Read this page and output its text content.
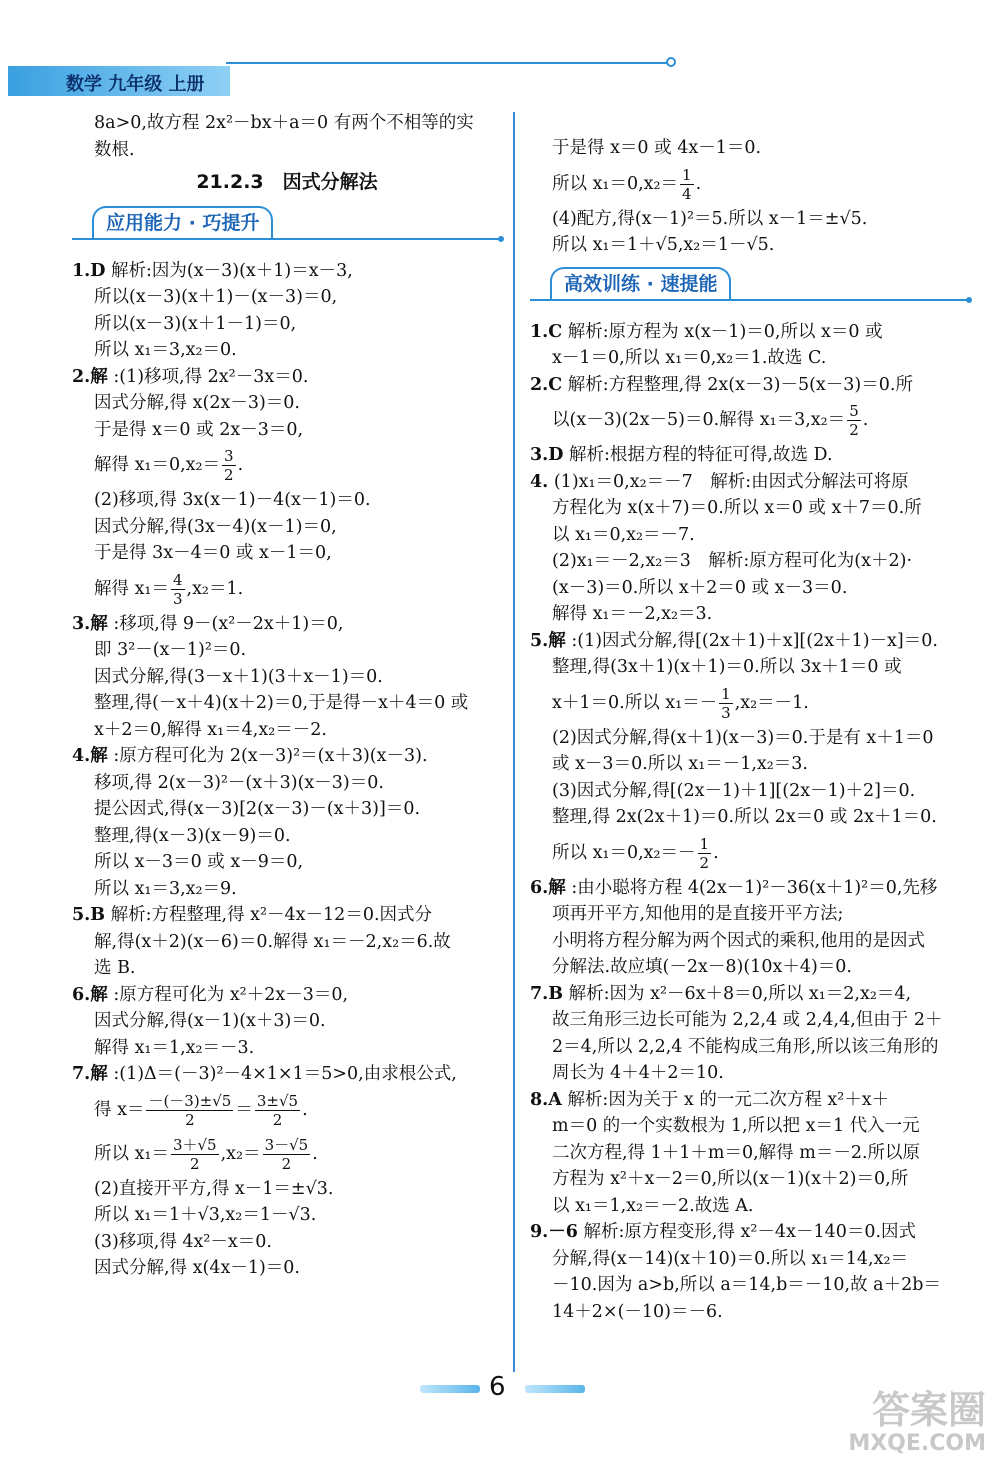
数学 九年级 上册
8a>0,故方程 2x²－bx＋a＝0 有两个不相等的实
数根.
21.2.3　因式分解法
应用能力 · 巧提升
1.D 解析:因为(x－3)(x＋1)＝x－3,
所以(x－3)(x＋1)－(x－3)＝0,
所以(x－3)(x＋1－1)＝0,
所以 x₁＝3,x₂＝0.
2.解 :(1)移项,得 2x²－3x＝0.
因式分解,得 x(2x－3)＝0.
于是得 x＝0 或 2x－3＝0,
解得 $x_1=0,x_2= \frac{3}{2}$ .
(2)移项,得 3x(x－1)－4(x－1)＝0.
因式分解,得(3x－4)(x－1)＝0,
于是得 3x－4＝0 或 x－1＝0,
解得 $x_1= \frac{4}{3} ,x_2=1$.
3.解 :移项,得 9－(x²－2x＋1)＝0,
即 3²－(x－1)²＝0.
因式分解,得(3－x＋1)(3＋x－1)＝0.
整理,得(－x＋4)(x＋2)＝0,于是得－x＋4＝0 或
x＋2＝0,解得 x₁＝4,x₂＝－2.
4.解 :原方程可化为 2(x－3)²＝(x＋3)(x－3).
移项,得 2(x－3)²－(x＋3)(x－3)＝0.
提公因式,得(x－3)[2(x－3)－(x＋3)]＝0.
整理,得(x－3)(x－9)＝0.
所以 x－3＝0 或 x－9＝0,
所以 x₁＝3,x₂＝9.
5.B 解析:方程整理,得 x²－4x－12＝0.因式分
解,得(x＋2)(x－6)＝0.解得 x₁＝－2,x₂＝6.故
选 B.
6.解 :原方程可化为 x²＋2x－3＝0,
因式分解,得(x－1)(x＋3)＝0.
解得 x₁＝1,x₂＝－3.
7.解 :(1)Δ＝(－3)²－4×1×1＝5>0,由求根公式,
得 $x= \frac{-(-3)\pm√5}{2} = \frac{3\pm√5}{2}$ .
所以 $x_1= \frac{3+√5}{2} ,x_2= \frac{3-√5}{2}$ .
(2)直接开平方,得 x－1＝±√3.
所以 x₁＝1＋√3,x₂＝1－√3.
(3)移项,得 4x²－x＝0.
因式分解,得 x(4x－1)＝0.
于是得 x＝0 或 4x－1＝0.
所以 $x_1=0,x_2= \frac{1}{4}$ .
(4)配方,得(x－1)²＝5.所以 x－1＝±√5.
所以 x₁＝1＋√5,x₂＝1－√5.
高效训练 · 速提能
1.C 解析:原方程为 x(x－1)＝0,所以 x＝0 或
x－1＝0,所以 x₁＝0,x₂＝1.故选 C.
2.C 解析:方程整理,得 2x(x－3)－5(x－3)＝0.所
以(x－3)(2x－5)＝0.解得 $x_1=3,x_2= \frac{5}{2}$ .
3.D 解析:根据方程的特征可得,故选 D.
4. (1)x₁＝0,x₂＝－7　解析:由因式分解法可将原
方程化为 x(x＋7)＝0.所以 x＝0 或 x＋7＝0.所
以 x₁＝0,x₂＝－7.
(2)x₁＝－2,x₂＝3　解析:原方程可化为(x＋2)·
(x－3)＝0.所以 x＋2＝0 或 x－3＝0.
解得 x₁＝－2,x₂＝3.
5.解 :(1)因式分解,得[(2x＋1)＋x][(2x＋1)－x]＝0.
整理,得(3x＋1)(x＋1)＝0.所以 3x＋1＝0 或
x＋1＝0.所以 $x_1=- \frac{1}{3} ,x_2=-1$.
(2)因式分解,得(x＋1)(x－3)＝0.于是有 x＋1＝0
或 x－3＝0.所以 x₁＝－1,x₂＝3.
(3)因式分解,得[(2x－1)＋1][(2x－1)＋2]＝0.
整理,得 2x(2x＋1)＝0.所以 2x＝0 或 2x＋1＝0.
所以 $x_1=0,x_2=- \frac{1}{2}$ .
6.解 :由小聪将方程 4(2x－1)²－36(x＋1)²＝0,先移
项再开平方,知他用的是直接开平方法;
小明将方程分解为两个因式的乘积,他用的是因式
分解法.故应填(－2x－8)(10x＋4)＝0.
7.B 解析:因为 x²－6x＋8＝0,所以 x₁＝2,x₂＝4,
故三角形三边长可能为 2,2,4 或 2,4,4,但由于 2＋
2＝4,所以 2,2,4 不能构成三角形,所以该三角形的
周长为 4＋4＋2＝10.
8.A 解析:因为关于 x 的一元二次方程 x²＋x＋
m＝0 的一个实数根为 1,所以把 x＝1 代入一元
二次方程,得 1＋1＋m＝0,解得 m＝－2.所以原
方程为 x²＋x－2＝0,所以(x－1)(x＋2)＝0,所
以 x₁＝1,x₂＝－2.故选 A.
9.－6 解析:原方程变形,得 x²－4x－140＝0.因式
分解,得(x－14)(x＋10)＝0.所以 x₁＝14,x₂＝
－10.因为 a>b,所以 a＝14,b＝－10,故 a＋2b＝
14＋2×(－10)＝－6.
6
答案圈
MXQE.COM
